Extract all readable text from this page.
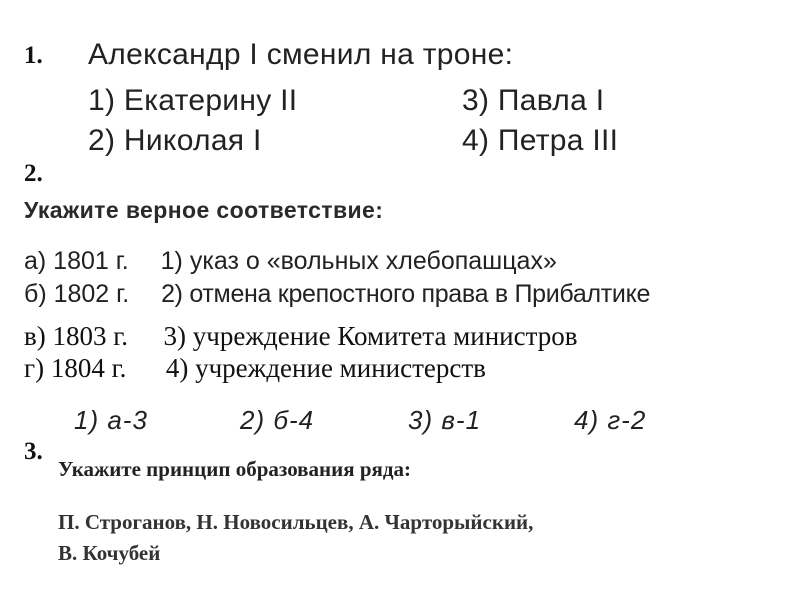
1. Александр I сменил на троне:
1) Екатерину II	3) Павла I
2) Николая I	4) Петра III
2.
Укажите верное соответствие:
а) 1801 г. 1) указ о «вольных хлебопашцах»
б) 1802 г. 2) отмена крепостного права в Прибалтике
в) 1803 г. 3) учреждение Комитета министров
г) 1804 г. 4) учреждение министерств
1) а-3	2) б-4	3) в-1	4) г-2
3.
Укажите принцип образования ряда:
П. Строганов, Н. Новосильцев, А. Чарторыйский,
В. Кочубей
